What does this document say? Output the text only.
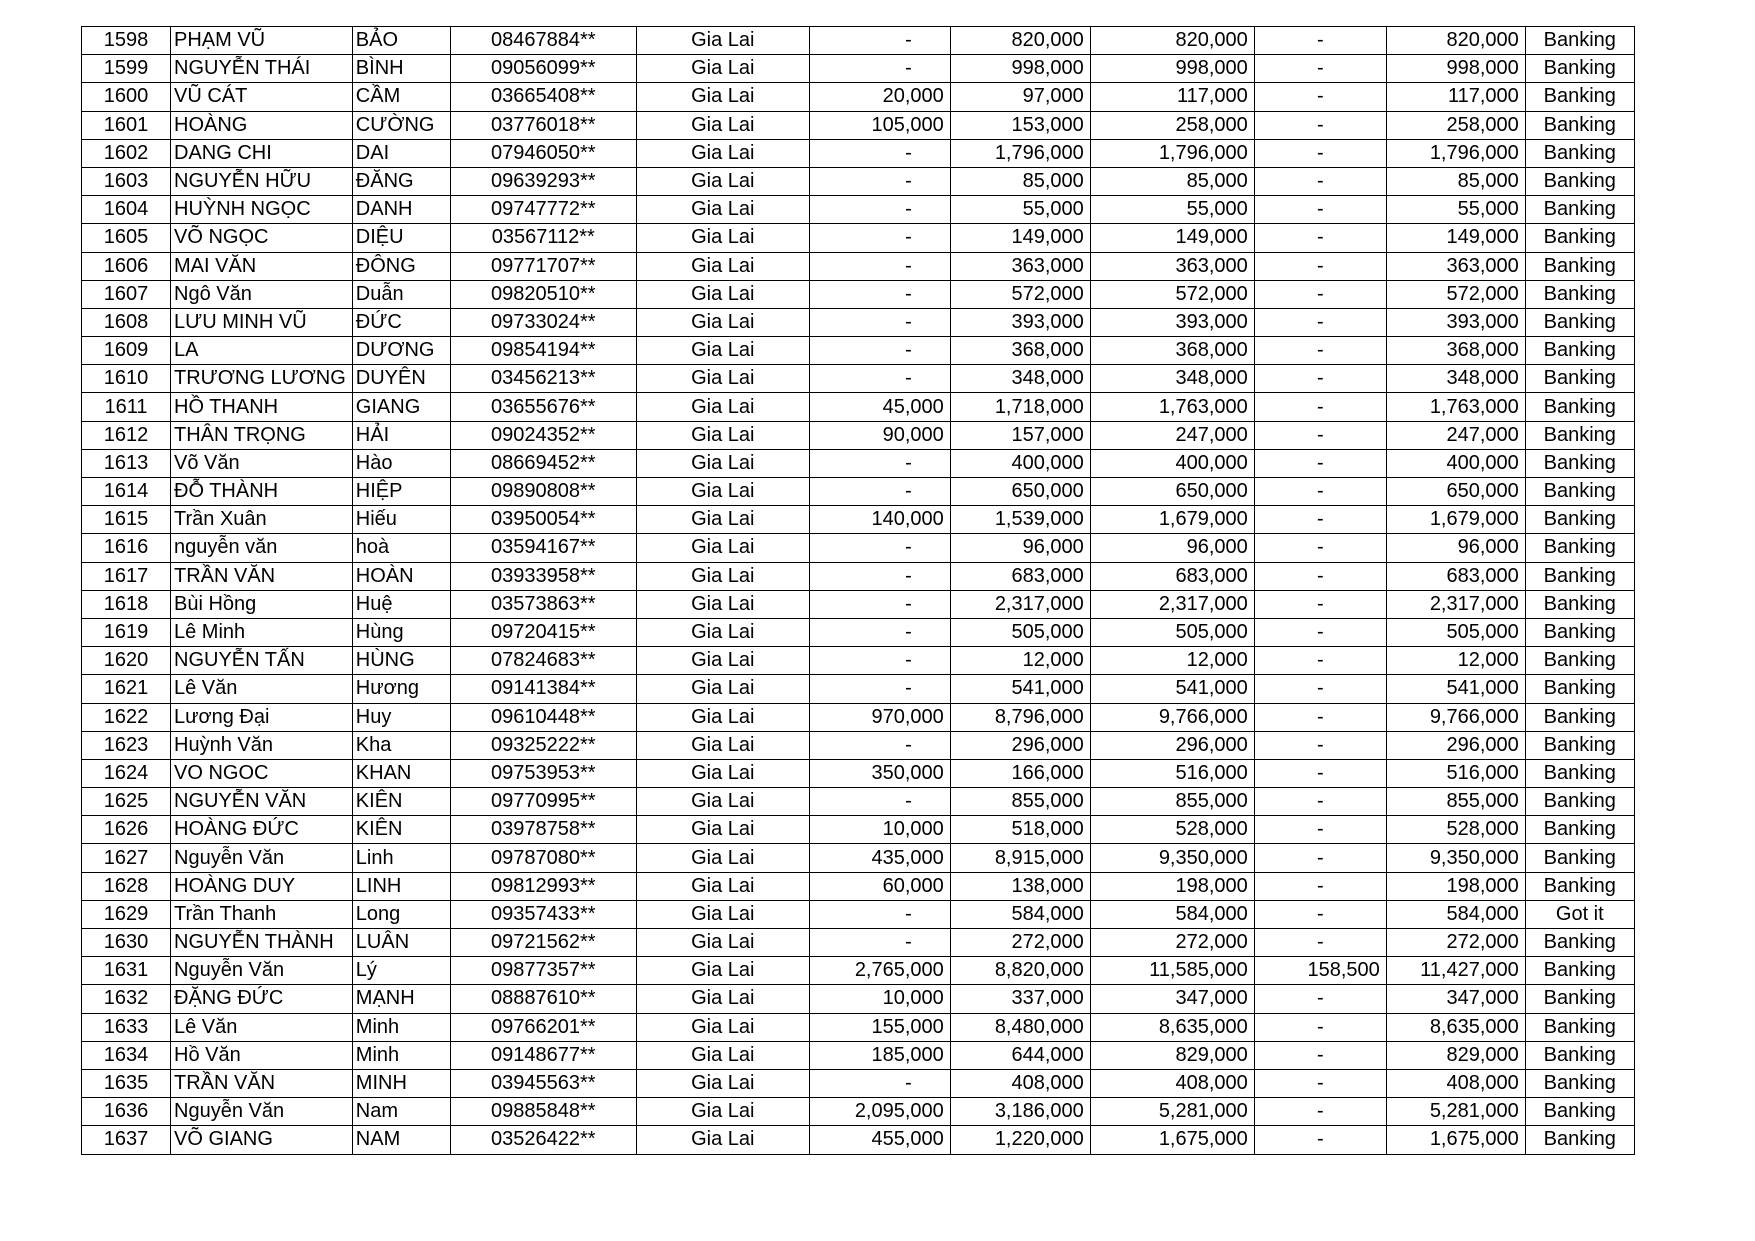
1598	PHẠM VŨ	BẢO	08467884**	Gia Lai	-	820,000	820,000	-	820,000	Banking
1599	NGUYỄN THÁI	BÌNH	09056099**	Gia Lai	-	998,000	998,000	-	998,000	Banking
1600	VŨ CÁT	CẦM	03665408**	Gia Lai	20,000	97,000	117,000	-	117,000	Banking
1601	HOÀNG	CƯỜNG	03776018**	Gia Lai	105,000	153,000	258,000	-	258,000	Banking
1602	DANG CHI	DAI	07946050**	Gia Lai	-	1,796,000	1,796,000	-	1,796,000	Banking
1603	NGUYỄN HỮU	ĐĂNG	09639293**	Gia Lai	-	85,000	85,000	-	85,000	Banking
1604	HUỲNH NGỌC	DANH	09747772**	Gia Lai	-	55,000	55,000	-	55,000	Banking
1605	VÕ NGỌC	DIỆU	03567112**	Gia Lai	-	149,000	149,000	-	149,000	Banking
1606	MAI VĂN	ĐÔNG	09771707**	Gia Lai	-	363,000	363,000	-	363,000	Banking
1607	Ngô Văn	Duẫn	09820510**	Gia Lai	-	572,000	572,000	-	572,000	Banking
1608	LƯU MINH VŨ	ĐỨC	09733024**	Gia Lai	-	393,000	393,000	-	393,000	Banking
1609	LA	DƯƠNG	09854194**	Gia Lai	-	368,000	368,000	-	368,000	Banking
1610	TRƯƠNG LƯƠNG	DUYÊN	03456213**	Gia Lai	-	348,000	348,000	-	348,000	Banking
1611	HỒ THANH	GIANG	03655676**	Gia Lai	45,000	1,718,000	1,763,000	-	1,763,000	Banking
1612	THÂN TRỌNG	HẢI	09024352**	Gia Lai	90,000	157,000	247,000	-	247,000	Banking
1613	Võ Văn	Hào	08669452**	Gia Lai	-	400,000	400,000	-	400,000	Banking
1614	ĐỖ THÀNH	HIỆP	09890808**	Gia Lai	-	650,000	650,000	-	650,000	Banking
1615	Trần Xuân	Hiếu	03950054**	Gia Lai	140,000	1,539,000	1,679,000	-	1,679,000	Banking
1616	nguyễn văn	hoà	03594167**	Gia Lai	-	96,000	96,000	-	96,000	Banking
1617	TRẦN VĂN	HOÀN	03933958**	Gia Lai	-	683,000	683,000	-	683,000	Banking
1618	Bùi Hồng	Huệ	03573863**	Gia Lai	-	2,317,000	2,317,000	-	2,317,000	Banking
1619	Lê Minh	Hùng	09720415**	Gia Lai	-	505,000	505,000	-	505,000	Banking
1620	NGUYỄN TẤN	HÙNG	07824683**	Gia Lai	-	12,000	12,000	-	12,000	Banking
1621	Lê Văn	Hương	09141384**	Gia Lai	-	541,000	541,000	-	541,000	Banking
1622	Lương Đại	Huy	09610448**	Gia Lai	970,000	8,796,000	9,766,000	-	9,766,000	Banking
1623	Huỳnh Văn	Kha	09325222**	Gia Lai	-	296,000	296,000	-	296,000	Banking
1624	VO NGOC	KHAN	09753953**	Gia Lai	350,000	166,000	516,000	-	516,000	Banking
1625	NGUYỄN VĂN	KIÊN	09770995**	Gia Lai	-	855,000	855,000	-	855,000	Banking
1626	HOÀNG ĐỨC	KIÊN	03978758**	Gia Lai	10,000	518,000	528,000	-	528,000	Banking
1627	Nguyễn Văn	Linh	09787080**	Gia Lai	435,000	8,915,000	9,350,000	-	9,350,000	Banking
1628	HOÀNG DUY	LINH	09812993**	Gia Lai	60,000	138,000	198,000	-	198,000	Banking
1629	Trần Thanh	Long	09357433**	Gia Lai	-	584,000	584,000	-	584,000	Got it
1630	NGUYỄN THÀNH	LUÂN	09721562**	Gia Lai	-	272,000	272,000	-	272,000	Banking
1631	Nguyễn Văn	Lý	09877357**	Gia Lai	2,765,000	8,820,000	11,585,000	158,500	11,427,000	Banking
1632	ĐẶNG ĐỨC	MẠNH	08887610**	Gia Lai	10,000	337,000	347,000	-	347,000	Banking
1633	Lê Văn	Minh	09766201**	Gia Lai	155,000	8,480,000	8,635,000	-	8,635,000	Banking
1634	Hồ Văn	Minh	09148677**	Gia Lai	185,000	644,000	829,000	-	829,000	Banking
1635	TRẦN VĂN	MINH	03945563**	Gia Lai	-	408,000	408,000	-	408,000	Banking
1636	Nguyễn Văn	Nam	09885848**	Gia Lai	2,095,000	3,186,000	5,281,000	-	5,281,000	Banking
1637	VÕ GIANG	NAM	03526422**	Gia Lai	455,000	1,220,000	1,675,000	-	1,675,000	Banking
